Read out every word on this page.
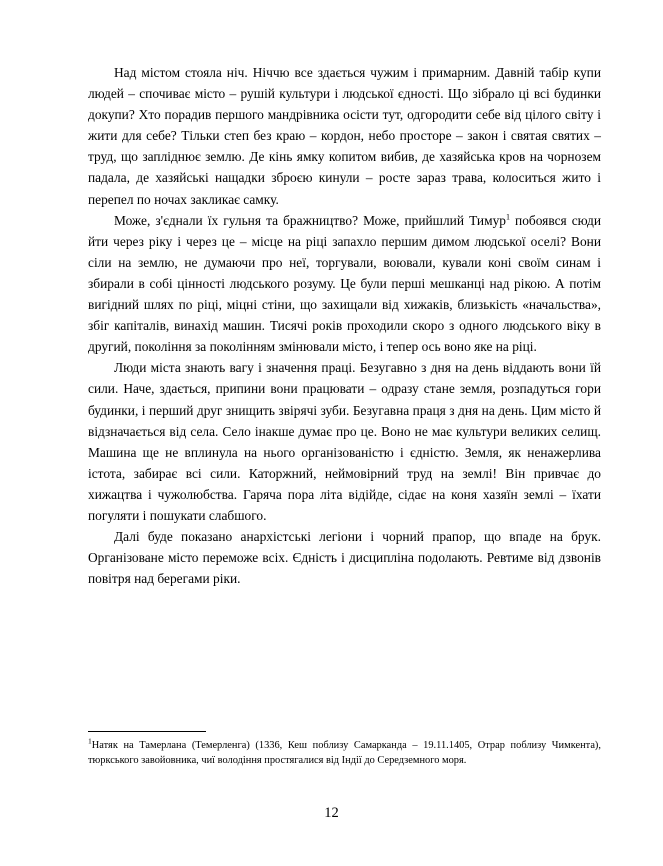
Над містом стояла ніч. Ніччю все здається чужим і примарним. Давній табір купи людей – спочиває місто – рушій культури і людської єдності. Що зібрало ці всі будинки докупи? Хто порадив першого мандрівника осісти тут, одгородити себе від цілого світу і жити для себе? Тільки степ без краю – кордон, небо просторе – закон і святая святих – труд, що запліднює землю. Де кінь ямку копитом вибив, де хазяйська кров на чорнозем падала, де хазяйські нащадки зброєю кинули – росте зараз трава, колоситься жито і перепел по ночах закликає самку.

Може, з'єднали їх гульня та бражництво? Може, прийшлий Тимур$^1$ побоявся сюди йти через ріку і через це – місце на ріці запахло першим димом людської оселі? Вони сіли на землю, не думаючи про неї, торгували, воювали, кували коні своїм синам і збирали в собі цінності людського розуму. Це були перші мешканці над рікою. А потім вигідний шлях по ріці, міцні стіни, що захищали від хижаків, близькість «начальства», збіг капіталів, винахід машин. Тисячі років проходили скоро з одного людського віку в другий, покоління за поколінням змінювали місто, і тепер ось воно яке на ріці.

Люди міста знають вагу і значення праці. Безугавно з дня на день віддають вони їй сили. Наче, здається, припини вони працювати – одразу стане земля, розпадуться гори будинки, і перший друг знищить звірячі зуби. Безугавна праця з дня на день. Цим місто й відзначається від села. Село інакше думає про це. Воно не має культури великих селищ. Машина ще не вплинула на нього організованістю і єдністю. Земля, як ненажерлива істота, забирає всі сили. Каторжний, неймовірний труд на землі! Він привчає до хижацтва і чужолюбства. Гаряча пора літа відійде, сідає на коня хазяїн землі – їхати погуляти і пошукати слабшого.

Далі буде показано анархістські легіони і чорний прапор, що впаде на брук. Організоване місто переможе всіх. Єдність і дисципліна подолають. Ревтиме від дзвонів повітря над берегами ріки.

$^1$Натяк на Тамерлана (Темерленга) (1336, Кеш поблизу Самарканда – 19.11.1405, Отрар поблизу Чимкента), тюркського завойовника, чиї володіння простягалися від Індії до Середземного моря.
12
